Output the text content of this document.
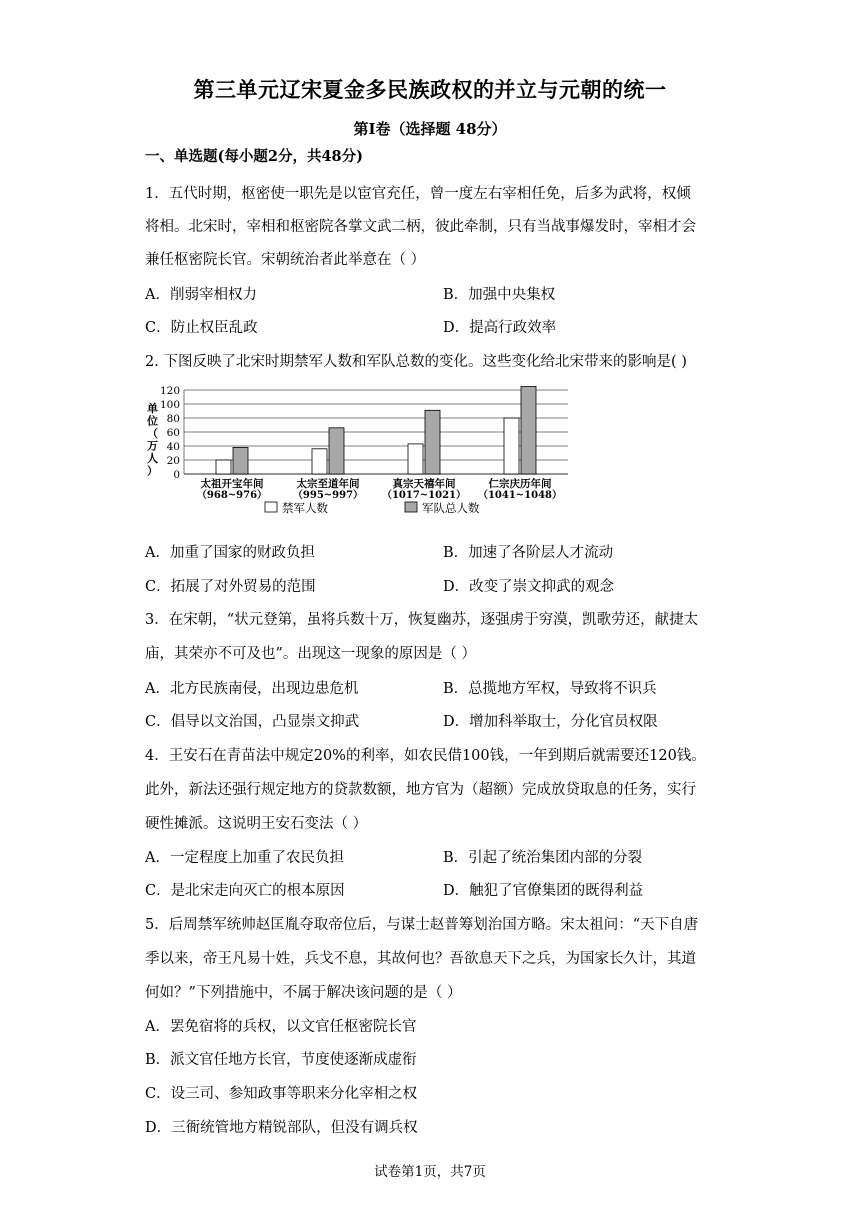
第三单元辽宋夏金多民族政权的并立与元朝的统一
第Ⅰ卷（选择题 48分）
一、单选题(每小题2分，共48分)
1．五代时期，枢密使一职先是以宦官充任，曾一度左右宰相任免，后多为武将，权倾
将相。北宋时，宰相和枢密院各掌文武二柄，彼此牵制，只有当战事爆发时，宰相才会
兼任枢密院长官。宋朝统治者此举意在（ ）
A．削弱宰相权力	B．加强中央集权
C．防止权臣乱政	D．提高行政效率
2. 下图反映了北宋时期禁军人数和军队总数的变化。这些变化给北宋带来的影响是( )
0
20
40
60
80
100
120
太祖开宝年间
（968~976）
太宗至道年间
（995~997）
真宗天禧年间
（1017~1021）
仁宗庆历年间
（1041~1048）
单位（万人）
禁军人数	军队总人数
A．加重了国家的财政负担	B．加速了各阶层人才流动
C．拓展了对外贸易的范围	D．改变了崇文抑武的观念
3．在宋朝，“状元登第，虽将兵数十万，恢复幽苏，逐强虏于穷漠，凯歌劳还，献捷太
庙，其荣亦不可及也”。出现这一现象的原因是（ ）
A．北方民族南侵，出现边患危机	B．总揽地方军权，导致将不识兵
C．倡导以文治国，凸显崇文抑武	D．增加科举取士，分化官员权限
4．王安石在青苗法中规定20%的利率，如农民借100钱，一年到期后就需要还120钱。
此外，新法还强行规定地方的贷款数额，地方官为（超额）完成放贷取息的任务，实行
硬性摊派。这说明王安石变法（ ）
A．一定程度上加重了农民负担	B．引起了统治集团内部的分裂
C．是北宋走向灭亡的根本原因	D．触犯了官僚集团的既得利益
5．后周禁军统帅赵匡胤夺取帝位后，与谋士赵普筹划治国方略。宋太祖问：“天下自唐
季以来，帝王凡易十姓，兵戈不息，其故何也？吾欲息天下之兵，为国家长久计，其道
何如？”下列措施中，不属于解决该问题的是（ ）
A．罢免宿将的兵权，以文官任枢密院长官
B．派文官任地方长官，节度使逐渐成虚衔
C．设三司、参知政事等职来分化宰相之权
D．三衙统管地方精锐部队，但没有调兵权
试卷第1页，共7页
